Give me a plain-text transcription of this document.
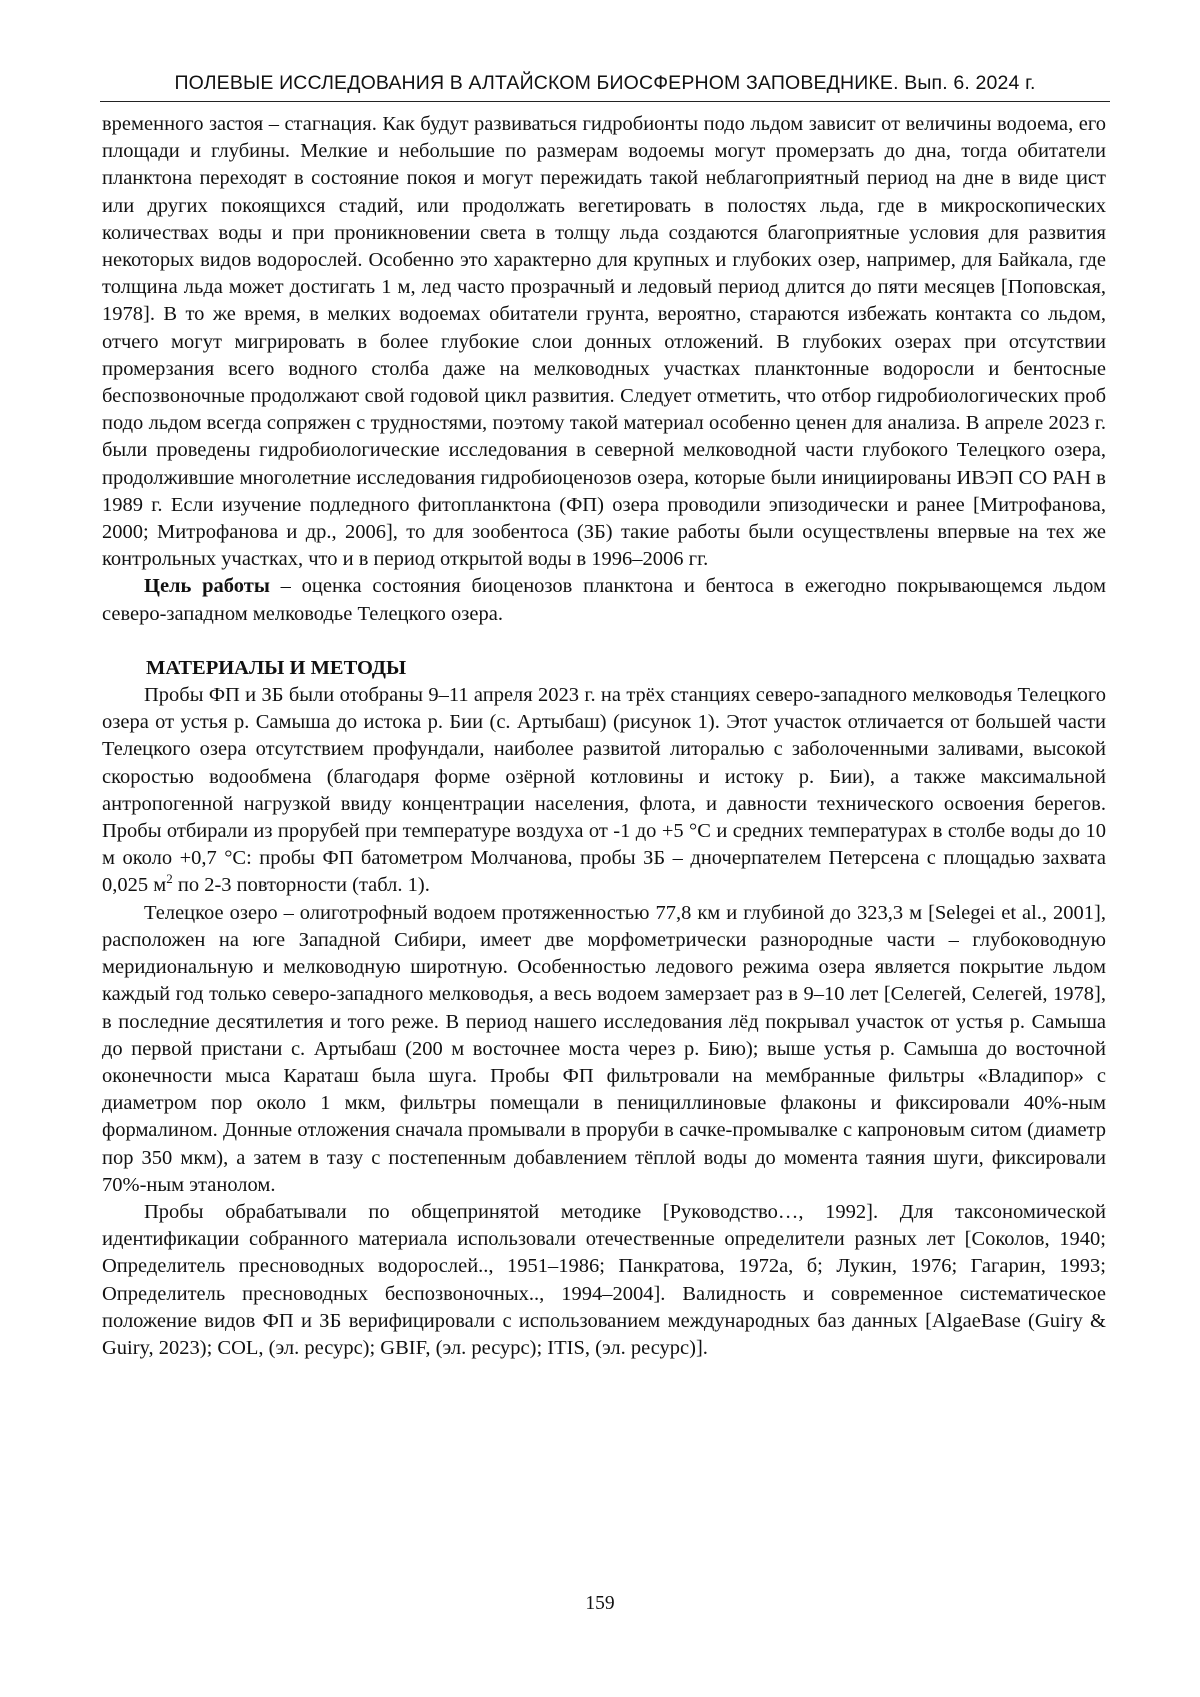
ПОЛЕВЫЕ ИССЛЕДОВАНИЯ В АЛТАЙСКОМ БИОСФЕРНОМ ЗАПОВЕДНИКЕ. Вып. 6. 2024 г.

временного застоя – стагнация. Как будут развиваться гидробионты подо льдом зависит от величины водоема, его площади и глубины. Мелкие и небольшие по размерам водоемы могут промерзать до дна, тогда обитатели планктона переходят в состояние покоя и могут пережидать такой неблагоприятный период на дне в виде цист или других покоящихся стадий, или продолжать вегетировать в полостях льда, где в микроскопических количествах воды и при проникновении света в толщу льда создаются благоприятные условия для развития некоторых видов водорослей. Особенно это характерно для крупных и глубоких озер, например, для Байкала, где толщина льда может достигать 1 м, лед часто прозрачный и ледовый период длится до пяти месяцев [Поповская, 1978]. В то же время, в мелких водоемах обитатели грунта, вероятно, стараются избежать контакта со льдом, отчего могут мигрировать в более глубокие слои донных отложений. В глубоких озерах при отсутствии промерзания всего водного столба даже на мелководных участках планктонные водоросли и бентосные беспозвоночные продолжают свой годовой цикл развития. Следует отметить, что отбор гидробиологических проб подо льдом всегда сопряжен с трудностями, поэтому такой материал особенно ценен для анализа. В апреле 2023 г. были проведены гидробиологические исследования в северной мелководной части глубокого Телецкого озера, продолжившие многолетние исследования гидробиоценозов озера, которые были инициированы ИВЭП СО РАН в 1989 г. Если изучение подледного фитопланктона (ФП) озера проводили эпизодически и ранее [Митрофанова, 2000; Митрофанова и др., 2006], то для зообентоса (ЗБ) такие работы были осуществлены впервые на тех же контрольных участках, что и в период открытой воды в 1996–2006 гг.

Цель работы – оценка состояния биоценозов планктона и бентоса в ежегодно покрывающемся льдом северо-западном мелководье Телецкого озера.

МАТЕРИАЛЫ И МЕТОДЫ

Пробы ФП и ЗБ были отобраны 9–11 апреля 2023 г. на трёх станциях северо-западного мелководья Телецкого озера от устья р. Самыша до истока р. Бии (с. Артыбаш) (рисунок 1). Этот участок отличается от большей части Телецкого озера отсутствием профундали, наиболее развитой литоралью с заболоченными заливами, высокой скоростью водообмена (благодаря форме озёрной котловины и истоку р. Бии), а также максимальной антропогенной нагрузкой ввиду концентрации населения, флота, и давности технического освоения берегов. Пробы отбирали из прорубей при температуре воздуха от -1 до +5 °С и средних температурах в столбе воды до 10 м около +0,7 °С: пробы ФП батометром Молчанова, пробы ЗБ – дночерпателем Петерсена с площадью захвата 0,025 $м^2$ по 2-3 повторности (табл. 1).

Телецкое озеро – олиготрофный водоем протяженностью 77,8 км и глубиной до 323,3 м [Selegei et al., 2001], расположен на юге Западной Сибири, имеет две морфометрически разнородные части – глубоководную меридиональную и мелководную широтную. Особенностью ледового режима озера является покрытие льдом каждый год только северо-западного мелководья, а весь водоем замерзает раз в 9–10 лет [Селегей, Селегей, 1978], в последние десятилетия и того реже. В период нашего исследования лёд покрывал участок от устья р. Самыша до первой пристани с. Артыбаш (200 м восточнее моста через р. Бию); выше устья р. Самыша до восточной оконечности мыса Караташ была шуга. Пробы ФП фильтровали на мембранные фильтры «Владипор» с диаметром пор около 1 мкм, фильтры помещали в пенициллиновые флаконы и фиксировали 40%-ным формалином. Донные отложения сначала промывали в проруби в сачке-промывалке с капроновым ситом (диаметр пор 350 мкм), а затем в тазу с постепенным добавлением тёплой воды до момента таяния шуги, фиксировали 70%-ным этанолом.

Пробы обрабатывали по общепринятой методике [Руководство…, 1992]. Для таксономической идентификации собранного материала использовали отечественные определители разных лет [Соколов, 1940; Определитель пресноводных водорослей.., 1951–1986; Панкратова, 1972а, б; Лукин, 1976; Гагарин, 1993; Определитель пресноводных беспозвоночных.., 1994–2004]. Валидность и современное систематическое положение видов ФП и ЗБ верифицировали с использованием международных баз данных [AlgaeBase (Guiry & Guiry, 2023); COL, (эл. ресурс); GBIF, (эл. ресурс); ITIS, (эл. ресурс)].

159
